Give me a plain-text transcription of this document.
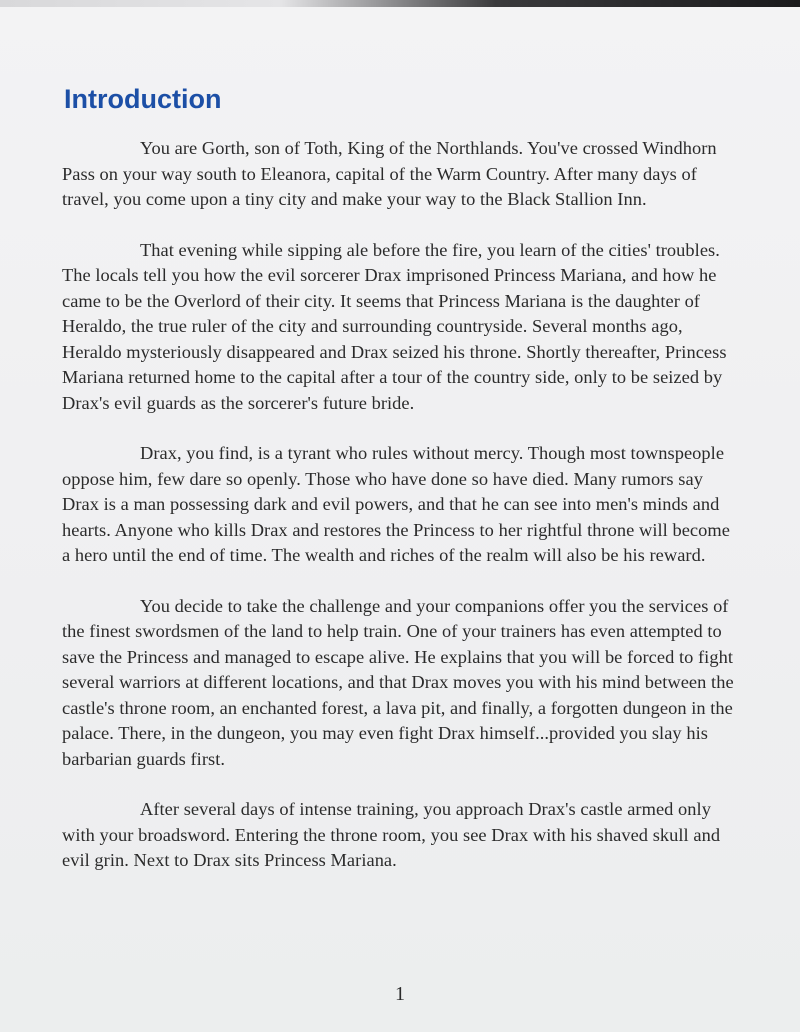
Introduction

You are Gorth, son of Toth, King of the Northlands. You've crossed Windhorn Pass on your way south to Eleanora, capital of the Warm Country. After many days of travel, you come upon a tiny city and make your way to the Black Stallion Inn.

That evening while sipping ale before the fire, you learn of the cities' troubles. The locals tell you how the evil sorcerer Drax imprisoned Princess Mariana, and how he came to be the Overlord of their city. It seems that Princess Mariana is the daughter of Heraldo, the true ruler of the city and surrounding countryside. Several months ago, Heraldo mysteriously disappeared and Drax seized his throne. Shortly thereafter, Princess Mariana returned home to the capital after a tour of the country side, only to be seized by Drax's evil guards as the sorcerer's future bride.

Drax, you find, is a tyrant who rules without mercy. Though most townspeople oppose him, few dare so openly. Those who have done so have died. Many rumors say Drax is a man possessing dark and evil powers, and that he can see into men's minds and hearts. Anyone who kills Drax and restores the Princess to her rightful throne will become a hero until the end of time. The wealth and riches of the realm will also be his reward.

You decide to take the challenge and your companions offer you the services of the finest swordsmen of the land to help train. One of your trainers has even attempted to save the Princess and managed to escape alive. He explains that you will be forced to fight several warriors at different locations, and that Drax moves you with his mind between the castle's throne room, an enchanted forest, a lava pit, and finally, a forgotten dungeon in the palace. There, in the dungeon, you may even fight Drax himself...provided you slay his barbarian guards first.

After several days of intense training, you approach Drax's castle armed only with your broadsword. Entering the throne room, you see Drax with his shaved skull and evil grin. Next to Drax sits Princess Mariana.

1
